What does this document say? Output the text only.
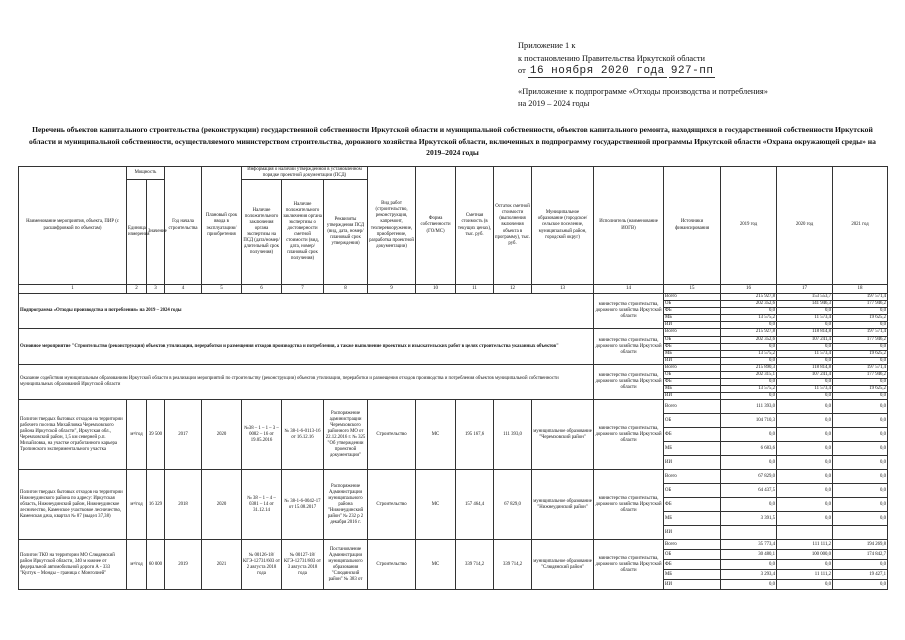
Приложение 1 к
к постановлению Правительства Иркутской области
от 16 ноября 2020 года 927-пп
«Приложение к подпрограмме «Отходы производства и потребления»
на 2019 – 2024 годы
Перечень объектов капитального строительства (реконструкции) государственной собственности Иркутской области и муниципальной собственности, объектов капитального ремонта, находящихся в государственной собственности Иркутской области и муниципальной собственности, осуществляемого министерством строительства, дорожного хозяйства Иркутской области, включенных в подпрограмму государственной программы Иркутской области «Охрана окружающей среды» на 2019–2024 годы
Наименование мероприятия, объекта, ПИР (с расшифровкой по объектам)	Мощность		Год начала строительства	Плановый срок ввода в эксплуатацию/ приобретения	Информация о наличии утвержденной в установленном порядке проектной документации (ПСД)			Вид работ (строительство, реконструкция, капремонт, техперевооружение, приобретение, разработка проектной документации)	Форма собственности (ГО/МС)	Сметная стоимость (в текущих ценах), тыс. руб.	Остаток сметной стоимости (выполнения включения объекта в программу), тыс. руб.	Муниципальное образование (городское/сельское поселение, муниципальный район, городской округ)	Исполнитель (наименование ИОГВ)	Источники финансирования	2019 год	2020 год	2021 год
	Единица измерения	Значение			Наличие положительного заключения органа экспертизы на ПСД (дата/номер/длительный срок получения)	Наличие положительного заключения органа экспертизы о достоверности сметной стоимости (вид, дата, номер/ плановый срок получения)	Реквизиты утверждения ПСД (вид, дата, номер/ плановый срок утверждения)										

1	2	3	4	5	6	7	8	9	10	11	12	13	14	15	16	17	18
Подпрограмма «Отходы производства и потребления» на 2019 – 2024 годы													министерство строительства, дорожного хозяйства Иркутской области	Всего	215 927,8	153 553,7	197 571,4
														ОБ	202 352,6	141 946,3	177 946,2
														ФБ	0,0	0,0	0,0
														МБ	13 575,2	11 573,4	19 625,2
														ИИ	0,0	0,0	0,0
Основное мероприятие "Строительство (реконструкция) объектов утилизации, переработки и размещения отходов производства и потребления, а также выполнение проектных и изыскательских работ в целях строительства указанных объектов"													министерство строительства, дорожного хозяйства Иркутской области	Всего	215 927,8	118 814,8	197 571,4
														ОБ	202 352,6	107 241,4	177 946,2
														ФБ	0,0	0,0	0,0
														МБ	13 575,2	11 573,4	19 625,2
														ИИ	0,0	0,0	0,0
Оказание содействия муниципальным образованиям Иркутской области в реализации мероприятий по строительству (реконструкции) объектов утилизации, переработки и размещения отходов производства и потребления объектов муниципальной собственности муниципальных образований Иркутской области													министерство строительства, дорожного хозяйства Иркутской области	Всего	215 890,3	118 814,8	197 571,4
														ОБ	202 315,1	107 241,4	177 946,2
														ФБ	0,0	0,0	0,0
														МБ	13 575,2	11 573,4	19 625,2
														ИИ	0,0	0,0	0,0
Полигон твердых бытовых отходов на территории рабочего поселка Михайловка Черемховского района Иркутской области", Иркутская обл., Черемховский район, 1,5 км северней р.п. Михайловка, на участке отработанного карьера Тропинского экспериментального участка	м³/год	39 500	2017	2020	№38 – 1 – 1 – 3 – 0082 – 16 от 19.05.2016	№ 38-1-6-0113-16 от 16.12.16	Распоряжение администрации Черемховского районного МО от 22.12.2016 г. № 325 "Об утверждении проектной документации"	Строительство	МС	195 167,6	111 393,0	муниципальное образование "Черемховский район"	министерство строительства, дорожного хозяйства Иркутской области	Всего	111 393,0	0,0	0,0
														ОБ	104 710,3	0,0	0,0
														ФБ	0,0	0,0	0,0
														МБ	6 683,6	0,0	0,0
														ИИ	0,0	0,0	0,0
Полигон твердых бытовых отходов на территории Нижнеудинского района по адресу: Иркутская область, Нижнеудинский район, Нижнеудинское лесничество, Каменское участковое лесничество, Каменская дача, квартал № 87 (выдел 37,38)	м³/год	16 329	2018	2020	№ 38 – 1 – 4 – 0381 – 14 от 31.12.14	№ 38-1-6-0042-17 от 15.08.2017	Распоряжение Администрации муниципального района "Нижнеудинский район" № 232 р 2 декабря 2016 г.	Строительство	МС	157 464,4	67 829,0	муниципальное образование "Нижнеудинский район"	министерство строительства, дорожного хозяйства Иркутской области	Всего	67 829,0	0,0	0,0
														ОБ	64 437,5	0,0	0,0
														ФБ	0,0	0,0	0,0
														МБ	3 391,5	0,0	0,0
														ИИ			
Полигон ТКО на территории МО Слюдянский район Иркутской области, 340 м южнее от федеральной автомобильной дороги А - 333 "Култук – Монды – граница с Монголией"	м³/год	60 000	2019	2021	№ 00126-18/КГЭ-12731/603 от 2 августа 2018 года	№ 00127-18/КГЭ-12731/803 от 3 августа 2018 года	Постановление Администрации муниципального образования "Слюдянский район" № 383 от	Строительство	МС	339 714,2	339 714,2	муниципальное образование "Слюдянский район"	министерство строительства, дорожного хозяйства Иркутской области	Всего	35 773,4	111 111,2	194 269,8
														ОБ	30 480,1	100 000,0	174 842,7
														ФБ	0,0	0,0	0,0
														МБ	3 293,4	11 111,2	19 427,1
														ИИ	0,0	0,0	0,0
